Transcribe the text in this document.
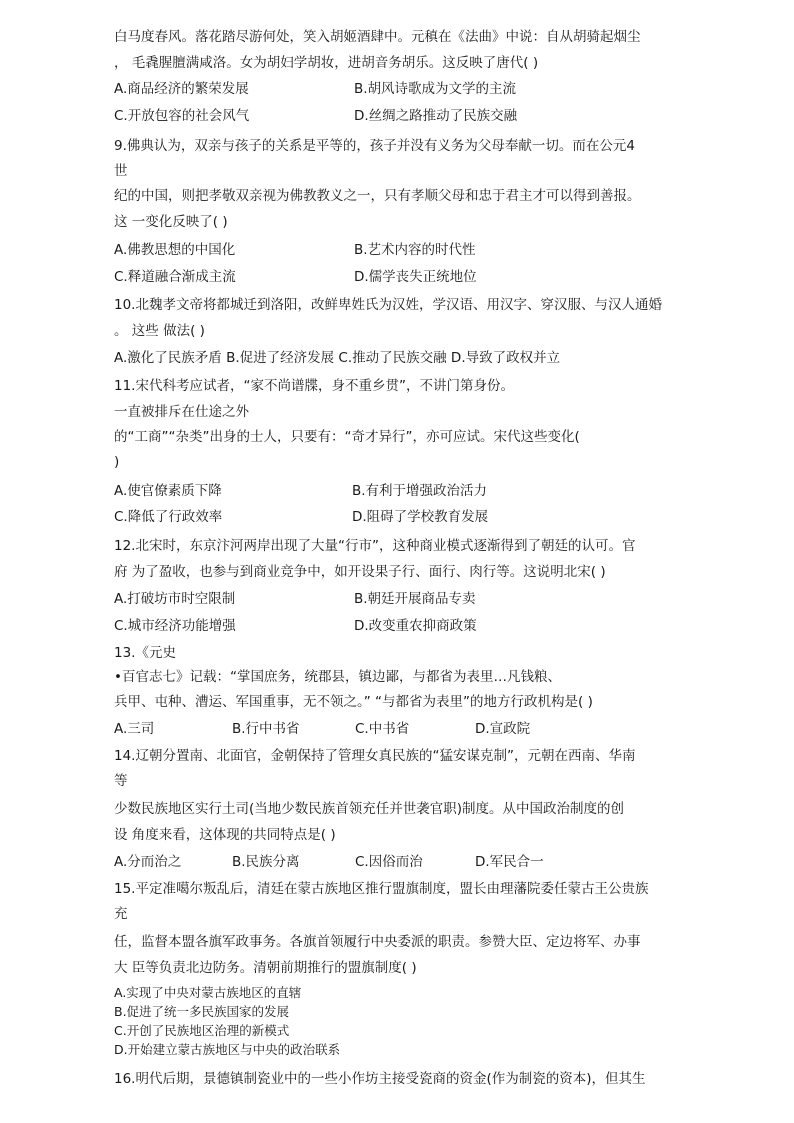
白马度春风。落花踏尽游何处，笑入胡姬酒肆中。元稹在《法曲》中说：自从胡骑起烟尘
， 毛毳腥膻满咸洛。女为胡妇学胡妆，进胡音务胡乐。这反映了唐代( )
A.商品经济的繁荣发展	B.胡风诗歌成为文学的主流
C.开放包容的社会风气	D.丝绸之路推动了民族交融
9.佛典认为，双亲与孩子的关系是平等的，孩子并没有义务为父母奉献一切。而在公元4
世
纪的中国，则把孝敬双亲视为佛教教义之一，只有孝顺父母和忠于君主才可以得到善报。
这 一变化反映了( )
A.佛教思想的中国化	B.艺术内容的时代性
C.释道融合渐成主流	D.儒学丧失正统地位
10.北魏孝文帝将都城迁到洛阳，改鲜卑姓氏为汉姓，学汉语、用汉字、穿汉服、与汉人通婚
。 这些 做法( )
A.激化了民族矛盾 B.促进了经济发展 C.推动了民族交融 D.导致了政权并立
11.宋代科考应试者，“家不尚谱牒，身不重乡贯”，不讲门第身份。
一直被排斥在仕途之外
的“工商”“杂类”出身的士人，只要有：“奇才异行”，亦可应试。宋代这些变化(
)
A.使官僚素质下降	B.有利于增强政治活力
C.降低了行政效率	D.阻碍了学校教育发展
12.北宋时，东京汴河两岸出现了大量“行市”，这种商业模式逐渐得到了朝廷的认可。官
府 为了盈收，也参与到商业竞争中，如开设果子行、面行、肉行等。这说明北宋( )
A.打破坊市时空限制	B.朝廷开展商品专卖
C.城市经济功能增强	D.改变重农抑商政策
13.《元史
•百官志七》记载：“掌国庶务，统郡县，镇边鄙，与都省为表里…凡钱粮、
兵甲、屯种、漕运、军国重事，无不领之。” “与都省为表里”的地方行政机构是( )
A.三司	B.行中书省	C.中书省	D.宣政院
14.辽朝分置南、北面官，金朝保持了管理女真民族的“猛安谋克制”，元朝在西南、华南
等
少数民族地区实行土司(当地少数民族首领充任并世袭官职)制度。从中国政治制度的创
设 角度来看，这体现的共同特点是( )
A.分而治之	B.民族分离	C.因俗而治	D.军民合一
15.平定准噶尔叛乱后，清廷在蒙古族地区推行盟旗制度，盟长由理藩院委任蒙古王公贵族
充
任，监督本盟各旗军政事务。各旗首领履行中央委派的职责。参赞大臣、定边将军、办事
大 臣等负责北边防务。清朝前期推行的盟旗制度( )
A.实现了中央对蒙古族地区的直辖
B.促进了统一多民族国家的发展
C.开创了民族地区治理的新模式
D.开始建立蒙古族地区与中央的政治联系
16.明代后期，景德镇制瓷业中的一些小作坊主接受瓷商的资金(作为制瓷的资本)，但其生
